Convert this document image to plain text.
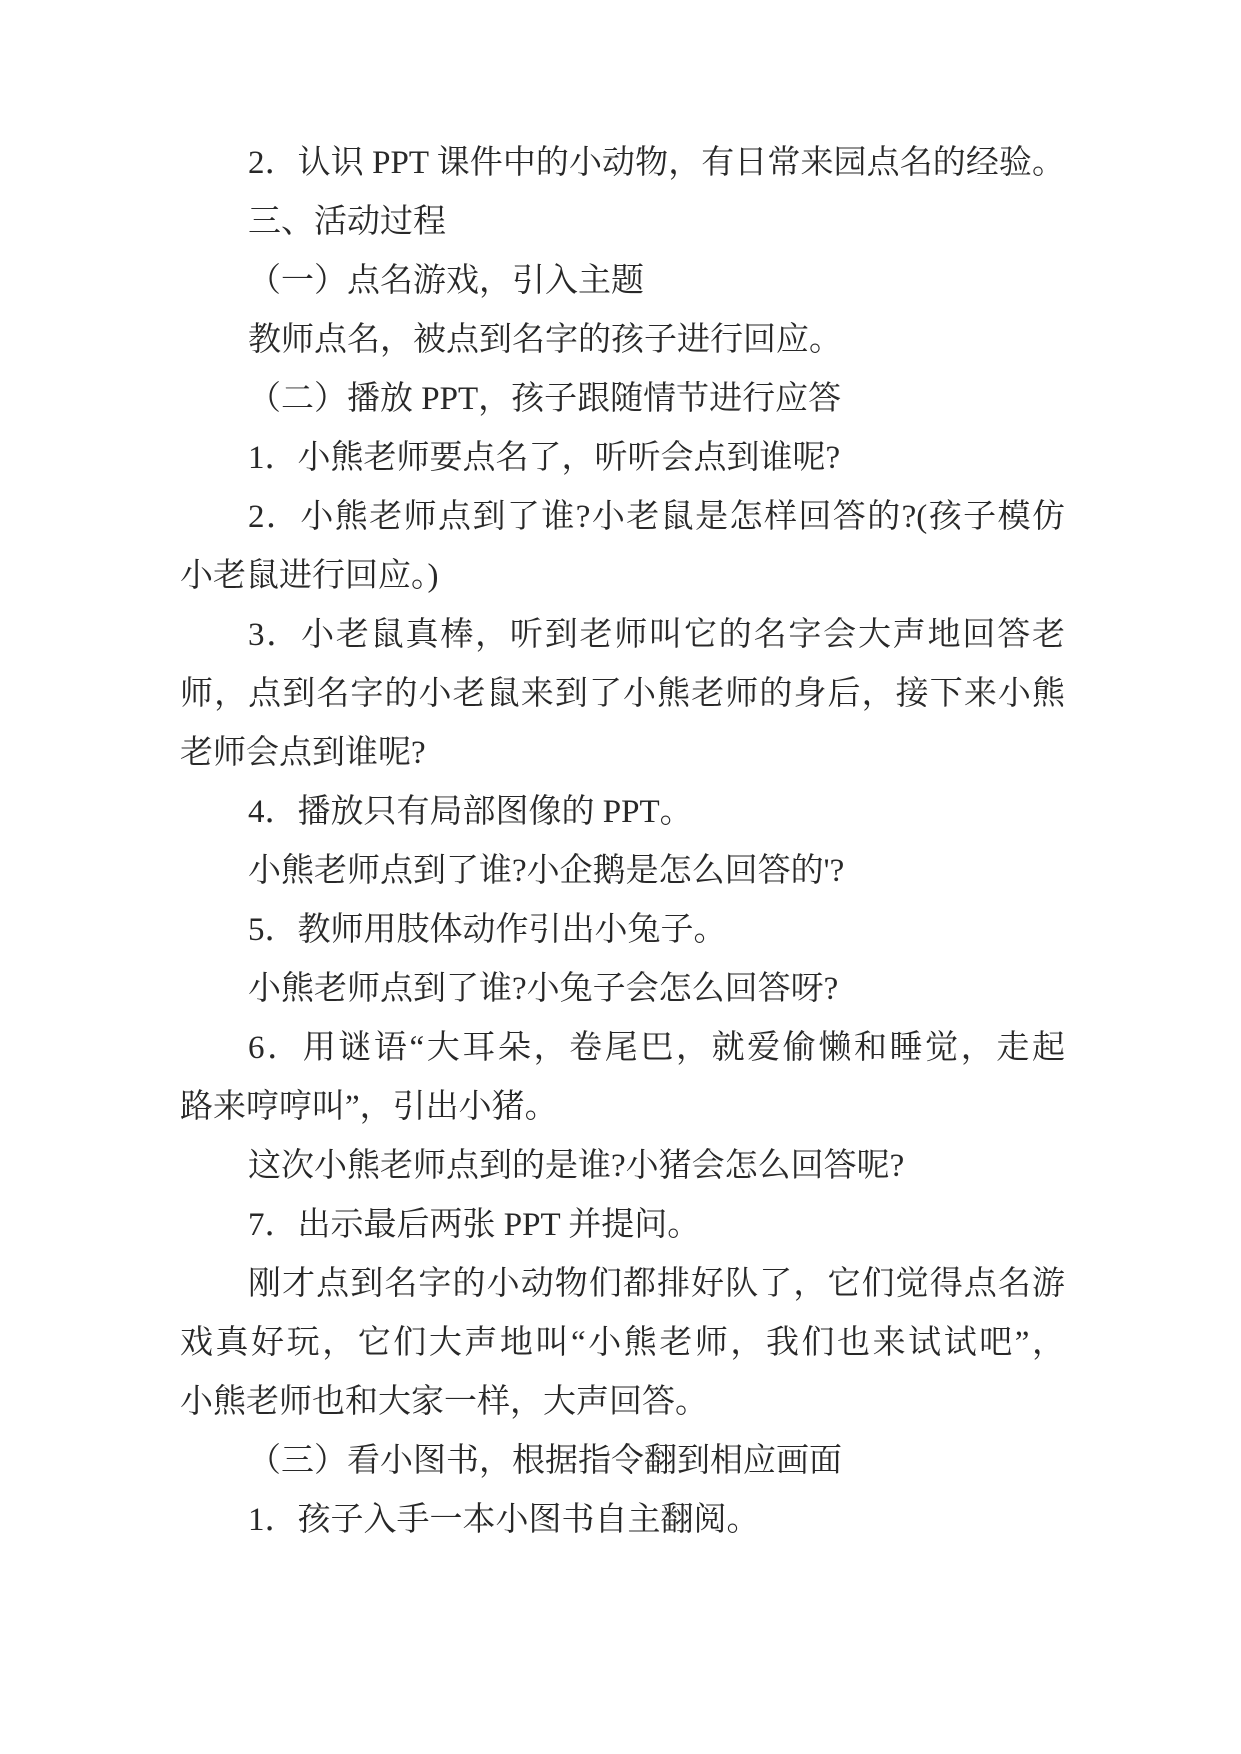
2．认识 PPT 课件中的小动物，有日常来园点名的经验。
三、活动过程
（一）点名游戏，引入主题
教师点名，被点到名字的孩子进行回应。
（二）播放 PPT，孩子跟随情节进行应答
1．小熊老师要点名了，听听会点到谁呢?
2．小熊老师点到了谁?小老鼠是怎样回答的?(孩子模仿
小老鼠进行回应。)
3．小老鼠真棒，听到老师叫它的名字会大声地回答老
师，点到名字的小老鼠来到了小熊老师的身后，接下来小熊
老师会点到谁呢?
4．播放只有局部图像的 PPT。
小熊老师点到了谁?小企鹅是怎么回答的'?
5．教师用肢体动作引出小兔子。
小熊老师点到了谁?小兔子会怎么回答呀?
6．用谜语“大耳朵，卷尾巴，就爱偷懒和睡觉，走起
路来哼哼叫”，引出小猪。
这次小熊老师点到的是谁?小猪会怎么回答呢?
7．出示最后两张 PPT 并提问。
刚才点到名字的小动物们都排好队了，它们觉得点名游
戏真好玩，它们大声地叫“小熊老师，我们也来试试吧”，
小熊老师也和大家一样，大声回答。
（三）看小图书，根据指令翻到相应画面
1．孩子入手一本小图书自主翻阅。
